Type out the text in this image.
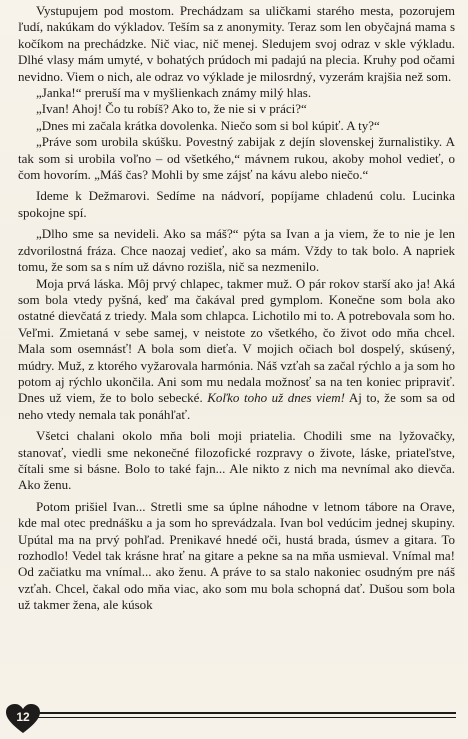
Vystupujem pod mostom. Prechádzam sa uličkami starého mesta, pozorujem ľudí, nakúkam do výkladov. Teším sa z anonymity. Teraz som len obyčajná mama s kočíkom na prechádzke. Nič viac, nič menej. Sledujem svoj odraz v skle výkladu. Dlhé vlasy mám umyté, v bohatých prúdoch mi padajú na plecia. Kruhy pod očami nevidno. Viem o nich, ale odraz vo výklade je milosrdný, vyzerám krajšia než som.

„Janka!“ preruší ma v myšlienkach známy milý hlas.

„Ivan! Ahoj! Čo tu robíš? Ako to, že nie si v práci?“

„Dnes mi začala krátka dovolenka. Niečo som si bol kúpiť. A ty?“

„Práve som urobila skúšku. Povestný zabijak z dejín slovenskej žurnalistiky. A tak som si urobila voľno – od všetkého,“ mávnem rukou, akoby mohol vedieť, o čom hovorím. „Máš čas? Mohli by sme zájsť na kávu alebo niečo.“

Ideme k Dežmarovi. Sedíme na nádvorí, popíjame chladenú colu. Lucinka spokojne spí.

„Dlho sme sa nevideli. Ako sa máš?“ pýta sa Ivan a ja viem, že to nie je len zdvorilostná fráza. Chce naozaj vedieť, ako sa mám. Vždy to tak bolo. A napriek tomu, že som sa s ním už dávno rozišla, nič sa nezmenilo.

Moja prvá láska. Môj prvý chlapec, takmer muž. O pár rokov starší ako ja! Aká som bola vtedy pyšná, keď ma čakával pred gymplom. Konečne som bola ako ostatné dievčatá z triedy. Mala som chlapca. Lichotilo mi to. A potrebovala som ho. Veľmi. Zmietaná v sebe samej, v neistote zo všetkého, čo život odo mňa chcel. Mala som osemnásť! A bola som dieťa. V mojich očiach bol dospelý, skúsený, múdry. Muž, z ktorého vyžarovala harmónia. Náš vzťah sa začal rýchlo a ja som ho potom aj rýchlo ukončila. Ani som mu nedala možnosť sa na ten koniec pripraviť. Dnes už viem, že to bolo sebecké. Koľko toho už dnes viem! Aj to, že som sa od neho vtedy nemala tak ponáhľať.

Všetci chalani okolo mňa boli moji priatelia. Chodili sme na lyžovačky, stanovať, viedli sme nekonečné filozofické rozpravy o živote, láske, priateľstve, čítali sme si básne. Bolo to také fajn... Ale nikto z nich ma nevnímal ako dievča. Ako ženu.

Potom prišiel Ivan... Stretli sme sa úplne náhodne v letnom tábore na Orave, kde mal otec prednášku a ja som ho sprevádzala. Ivan bol vedúcim jednej skupiny. Upútal ma na prvý pohľad. Prenikavé hnedé oči, hustá brada, úsmev a gitara. To rozhodlo! Vedel tak krásne hrať na gitare a pekne sa na mňa usmieval. Vnímal ma! Od začiatku ma vnímal... ako ženu. A práve to sa stalo nakoniec osudným pre náš vzťah. Chcel, čakal odo mňa viac, ako som mu bola schopná dať. Dušou som bola už takmer žena, ale kúsok

12
